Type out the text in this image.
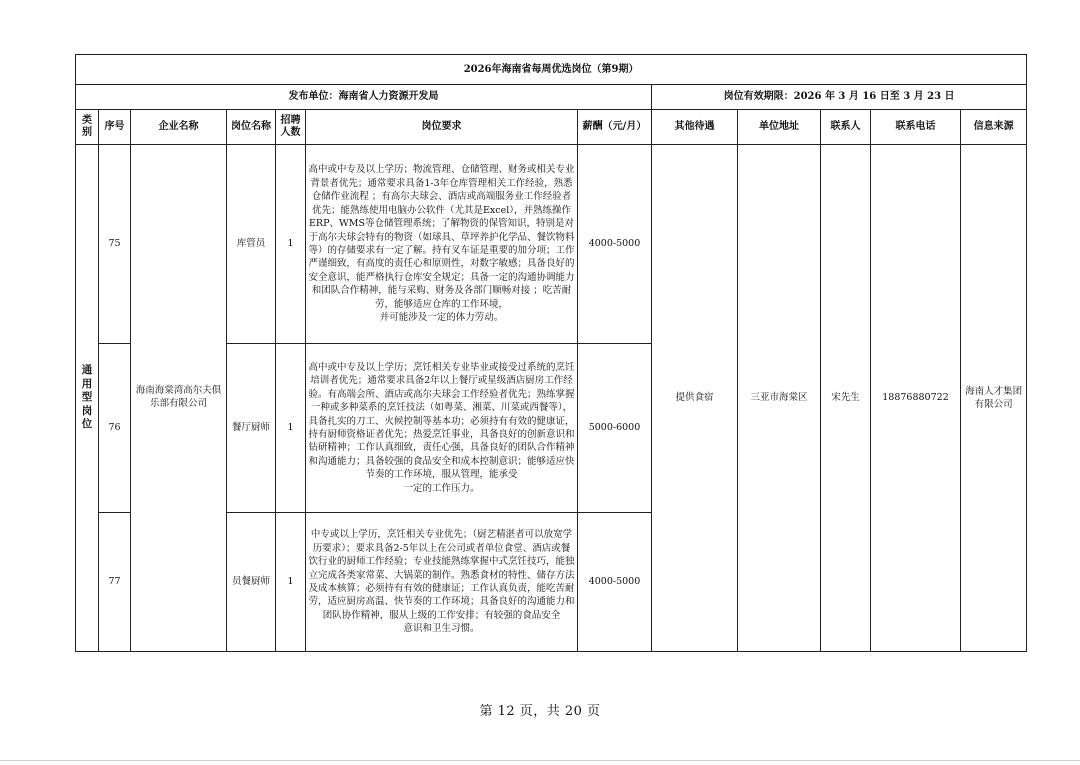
2026年海南省每周优选岗位（第9期）											
发布单位：海南省人力资源开发局							岗位有效期限：2026 年 3 月 16 日至 3 月 23 日				
类别	序号	企业名称	岗位名称	招聘人数	岗位要求	薪酬（元/月）	其他待遇	单位地址	联系人	联系电话	信息来源
通用型岗位	75	海南海棠湾高尔夫俱乐部有限公司	库管员	1	高中或中专及以上学历；物流管理、仓储管理、财务或相关专业背景者优先；通常要求具备1-3年仓库管理相关工作经验，熟悉仓储作业流程 ；有高尔夫球会、酒店或高端服务业工作经验者优先；能熟练使用电脑办公软件（尤其是Excel），并熟练操作ERP、WMS等仓储管理系统；了解物资的保管知识，特别是对于高尔夫球会特有的物资（如球具、草坪养护化学品、餐饮物料等）的存储要求有一定了解。持有叉车证是重要的加分项；工作严谨细致，有高度的责任心和原则性，对数字敏感；具备良好的安全意识，能严格执行仓库安全规定；具备一定的沟通协调能力和团队合作精神，能与采购、财务及各部门顺畅对接 ；吃苦耐劳，能够适应仓库的工作环境，
并可能涉及一定的体力劳动。	4000-5000	提供食宿	三亚市海棠区	宋先生	18876880722	海南人才集团有限公司
	76		餐厅厨师	1	高中或中专及以上学历；烹饪相关专业毕业或接受过系统的烹饪培训者优先；通常要求具备2年以上餐厅或星级酒店厨房工作经验。有高端会所、酒店或高尔夫球会工作经验者优先；熟练掌握一种或多种菜系的烹饪技法（如粤菜、湘菜、川菜或西餐等），具备扎实的刀工、火候控制等基本功；必须持有有效的健康证，持有厨师资格证者优先；热爱烹饪事业，具备良好的创新意识和钻研精神；工作认真细致，责任心强，具备良好的团队合作精神和沟通能力；具备较强的食品安全和成本控制意识；能够适应快节奏的工作环境，服从管理，能承受
一定的工作压力。	5000-6000					
	77		员餐厨师	1	中专或以上学历，烹饪相关专业优先；（厨艺精湛者可以放宽学历要求）；要求具备2-5年以上在公司或者单位食堂、酒店或餐饮行业的厨师工作经验；专业技能熟练掌握中式烹饪技巧，能独立完成各类家常菜、大锅菜的制作。熟悉食材的特性、储存方法及成本核算；必须持有有效的健康证；工作认真负责，能吃苦耐劳，适应厨房高温、快节奏的工作环境；具备良好的沟通能力和团队协作精神，服从上级的工作安排；有较强的食品安全
意识和卫生习惯。	4000-5000					
第 12 页，共 20 页
